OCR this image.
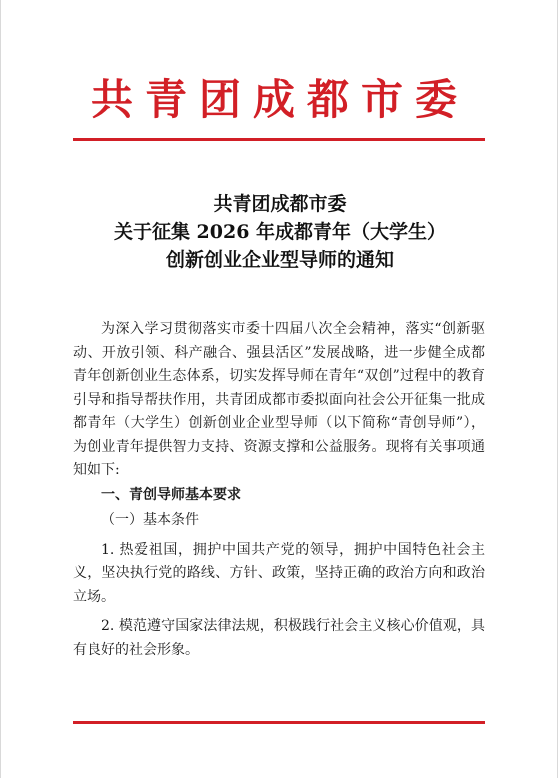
共青团成都市委
共青团成都市委
关于征集 2026 年成都青年（大学生）
创新创业企业型导师的通知

为深入学习贯彻落实市委十四届八次全会精神，落实“创新驱动、开放引领、科产融合、强县活区”发展战略，进一步健全成都青年创新创业生态体系，切实发挥导师在青年“双创”过程中的教育引导和指导帮扶作用，共青团成都市委拟面向社会公开征集一批成都青年（大学生）创新创业企业型导师（以下简称“青创导师”），为创业青年提供智力支持、资源支撑和公益服务。现将有关事项通知如下:

一、青创导师基本要求

（一）基本条件

1. 热爱祖国，拥护中国共产党的领导，拥护中国特色社会主义，坚决执行党的路线、方针、政策，坚持正确的政治方向和政治立场。

2. 模范遵守国家法律法规，积极践行社会主义核心价值观，具有良好的社会形象。
